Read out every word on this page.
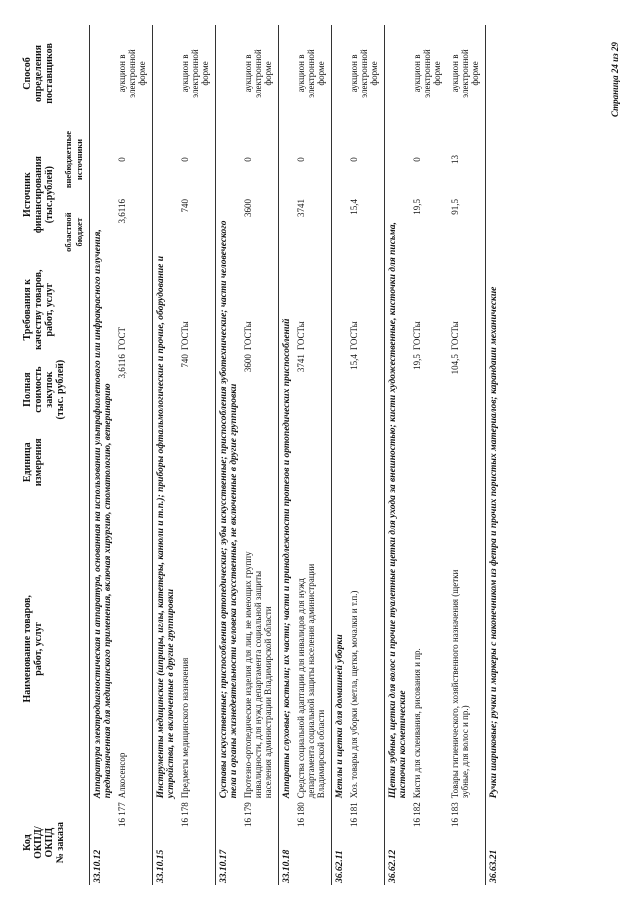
Код ОКПД/ ОКПД № заказа	Наименование товаров, работ, услуг	Единица измерения	Полная стоимость закупок (тыс. рублей)	Требования к качеству товаров, работ, услуг	Источник финансирования (тыс.рублей)		Способ определения поставщиков

					областной бюджет	внебюджетные источники	

33.10.12	Аппаратура электродиагностическая и аппаратура, основанная на использовании ультрафиолетового или инфракрасного излучения, предназначенная для медицинского применения, включая хирургию, стоматологию, ветеринарию						

16 177	Алкосенсор		3,6116	ГОСТ	3,6116	0	аукцион в электронной форме

33.10.15	Инструменты медицинские (шприцы, иглы, катетеры, канюли и т.п.); приборы офтальмологические и прочие, оборудование и устройства, не включенные в другие группировки						

16 178	Предметы медицинского назначения		740	ГОСТы	740	0	аукцион в электронной форме

33.10.17	Суставы искусственные; приспособления ортопедические; зубы искусственные; приспособления зуботехнические; части человеческого тела и органы жизнедеятельности человека искусственные, не включенные в другие группировки						

16 179	Протезно-ортопедические изделия для лиц, не имеющих группу инвалидности, для нужд департамента социальной защиты населения администрации Владимирской области		3600	ГОСТы	3600	0	аукцион в электронной форме

33.10.18	Аппараты слуховые; костыли; их части; части и принадлежности протезов и ортопедических приспособлений						

16 180	Средства социальной адаптации для инвалидов для нужд департамента социальной защиты населения администрации Владимирской области		3741	ГОСТы	3741	0	аукцион в электронной форме

36.62.11	Метлы и щетки для домашней уборки						

16 181	Хоз. товары для уборки (метла, щетки, мочалки и т.п.)		15,4	ГОСТы	15,4	0	аукцион в электронной форме

36.62.12	Щетки зубные, щетки для волос и прочие туалетные щетки для ухода за внешностью; кисти художественные, кисточки для письма, кисточки косметические						

16 182	Кисти для склеивания, рисования и пр.		19,5	ГОСТы	19,5	0	аукцион в электронной форме

16 183	Товары гигиенического, хозяйственного назначения (щетки зубные, для волос и пр.)		104,5	ГОСТы	91,5	13	аукцион в электронной форме

36.63.21	Ручки шариковые; ручки и маркеры с наконечником из фетра и прочих пористых материалов; карандаши механические						
Страница 24 из 29
